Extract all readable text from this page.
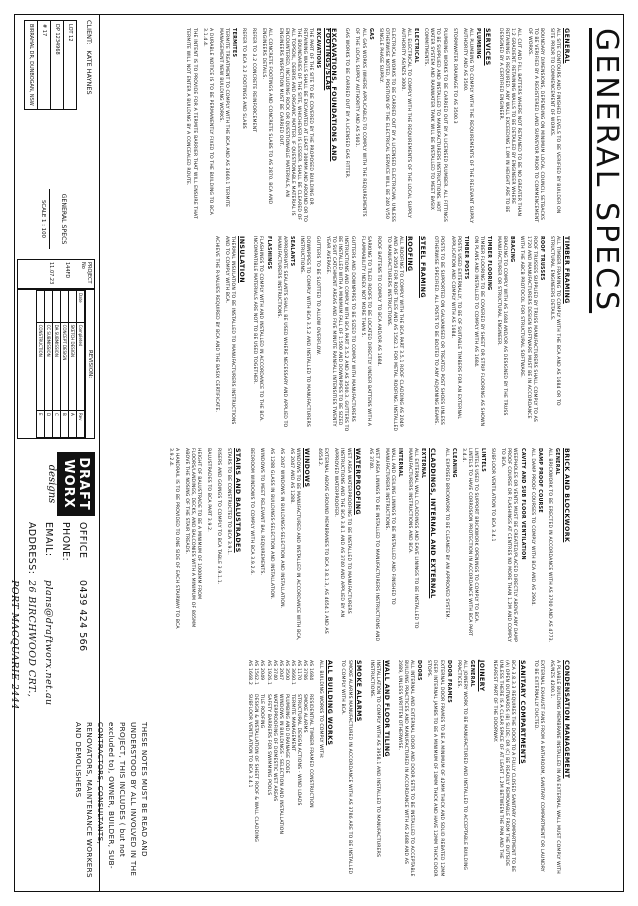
GENERAL SPECS
GENERAL

ALL SITE CONTOURS AND FINISHED LEVELS TO BE VERIFIED BY BUILDER ON SITE PRIOR TO COMMENCEMENT OF WORKS.

BOUNDARY DIMENSIONS, DEPENDING ON MINIMUM LOCAL COUNCIL SETBACKS TO BE VERIFIED BY A REGISTERED LAND SURVEYOR PRIOR TO COMMENCEMENT OF WORKS.

ALL CUT AND FILL BATTERS WHERE NOT RETAINED TO BE NO GREATER THAN 1:2 GRADIENT. RETAINING WALLS TO BE DETAILED BY ENGINEER WHERE RETAINING IS REQUIRED. ANY WALL EXCEEDING 1.0M IN HEIGHT ARE TO BE DESIGNED BY A CERTIFIED ENGINEER.

SERVICES
PLUMBING

ALL PLUMBING TO COMPLY WITH THE REQUIREMENTS OF THE RELEVANT SUPPLY AUTHORITY AND AS 3500.

STORMWATER DRAINAGE TO AS 3500.3

PLUMBING WORKS TO BE CARRIED OUT BY A LICENSED PLUMBER. ALL FITTINGS TO BE SUPPLIED AND INSTALLED TO MANUFACTURERS INSTRUCTIONS. HOT WATER SYSTEM AND RAINWATER TANK WILL BE INSTALLED TO MEET BASIX COMMITMENTS.

ELECTRICAL

ALL ELECTRICAL TO COMPLY WITH THE REQUIREMENTS OF THE LOCAL SUPPLY AUTHORITY AS/NZS 3000.

ELECTRICAL WORKS TO BE CARRIED OUT BY A LICENSED ELECTRICIAN. UNLESS OTHERWISE NOTED, POSITION OF THE ELECTRICAL SERVICE WILL BE 240 V/50 SINGLE PHASE SUPPLY.

GAS

ALL GAS WORKS (WHERE APPLICABLE) TO COMPLY WITH THE REQUIREMENTS OF THE LOCAL SUPPLY AUTHORITY AND AS 5601.

GAS WORKS TO BE CARRIED OUT BY A LICENSED GAS FITTER.

EXCAVATIONS, FOUNDATIONS AND FOOTINGS/SLAB
EXCAVATIONS

THE PART OF THE SITE TO BE COVERED BY THE PROPOSED BUILDING OR RETAINING WALLS SHALL BE EXCAVATED AT LEAST 300MM AND AROUND OR TO THE BOUNDARIES OF THE SITE, WHICHEVER IS LESSER. SHALL BE CLEARED OF ALL TOPSOIL, DEBRIS AND ORGANIC MATTER. IF QUESTIONABLE MATERIAL IS ENCOUNTERED, INCLUDING ROCK OR QUESTIONABLE MATERIALS, AN ENGINEERS INSPECTION MUST BE CARRIED OUT.

ALL CONCRETE FOOTINGS AND CONCRETE SLABS TO AS 2870. BCA AND ENGINEERS DETAILS.

REFER TO 3.2 CONCRETE REINFORCEMENT

REFER TO BCA 3.2 FOOTINGS AND SLABS

TERMITES

TERMITE TREATMENT TO COMPLY WITH THE BCA AND AS 3660.1 TERMITE MANAGEMENT NEW BUILDING WORKS.

A DURABLE NOTICE IS TO BE PERMANENTLY FIXED TO THE BUILDING TO BCA 3.1.4.4.

THE INTENT IS TO PROVIDE FOR A TERMITE BARRIER THAT WILL ENSURE THAT TERMITE WILL NOT ENTER A BUILDING BY A CONCEALED ROUTE.

TIMBER FRAMING

ALL TIMBER FRAMING TO COMPLY WITH THE BCA AND AS 1684 OR TO STRUCTURAL ENGINEERS DETAILS.

ROOF TRUSSES

ROOF TRUSSES SUPPLIED BY TRUSS MANUFACTURERS SHALL COMPLY TO AS 1720 AND MANUFACTURERS DESIGN SOFTWARE MUST BE IN ACCORDANCE WITH THE ABCB PROTOCOL FOR STRUCTURAL SOFTWARE.

BRACING

BRACING TO COMPLY WITH AS 1684 AND/OR AS DESIGNED BY THE TRUSS MANUFACTURER OR STRUCTURAL ENGINEER.

TIMBER FLOORING

TIMBER FLOORING TO BE COVERED BY SHEET OR STRIP FLOORING AS SHOWN ON PLANS AND INSTALLED TO COMPLY WITH AS 1684.

TIMBER POSTS

POSTS USED EXTERNALLY, TO BE OF SUITABLE TIMBERS FOR AN EXTERNAL APPLICATION AND COMPLY WITH AS 1684.

POSTS TO BE SUPPORTED ON GALVANISED OR TREATED POST SHOES UNLESS OTHERWISE SPECIFIED. ALL POSTS TO BE BOLTED TO ANY ADJOINING BEAMS.

STEEL FRAMING
ROOFING

ALL ROOFING TO COMPLY WITH THE BCA PART 3.5.1 ROOF CLADDING AS 2049 AND AS 2050 FOR ROOF TILES AND AS 1562.1 FOR METAL ROOFING. INSTALLED TO MANUFACTURERS INSTRUCTIONS.

ROOF BATTENS TO COMPLY TO BCA AND/OR AS 1684.

SARKING TO TILED ROOFS TO BE LOCATED DIRECTLY UNDER BATTENS WITH A FLAMMABILITY INDEX NOT MORE THAN 5.

GUTTERS AND DOWNPIPES TO BE SIZED TO COMPLY WITH MANUFACTURERS INSTRUCTIONS AND COMPLY WITH BCA PART 3.5.2 AND AS 3500.3. GUTTERS TO BE INSTALLED WITH A MINIMUM FALL OF 1:500 AND DOWNPIPES TO BE SIZED TO SUIT CATCHMENT AREAS AND FIVE MINUTE RAINFALL INTENSITIES TWENTY YEAR AVERAGE.

GUTTERS TO BE SLOTTED TO ALLOW OVERFLOW.

DOWNPIPES TO COMPLY WITH BCA 3.5.2 AND INSTALLED TO MANUFACTURERS INSTRUCTIONS.

SEALANTS

APPROPRIATE SEALANTS SHALL BE USED WHERE NECESSARY AND APPLIED TO MANUFACTURERS INSTRUCTIONS.

FLASHINGS

FLASHINGS TO COMPLY WITH AND INSTALLED IN ACCORDANCE TO THE BCA. INCOMPATIBLE MATERIALS ARE NOT TO BE USED TOGETHER.

INSULATION

THERMAL INSULATION TO BE INSTALLED TO MANUFACTURERS INSTRUCTIONS AND TO COMPLY WITH BCA.

ACHIEVE THE R-VALUES REQUIRED BY BCA AND THE BASIX CERTIFICATE.

BRICK AND BLOCKWORK
GENERAL

ALL BRICKWORK TO BE ERECTED IN ACCORDANCE WITH AS 3700 AND AS 4773.

DAMP PROOF COURSE

ALL DAMP PROOF COURSES TO COMPLY WITH BCA AND AS 2904.

CAVITY AND SUB FLOOR VENTILATION

WEEPHOLES OR VENTS MUST BE CREATED/PLACED DIRECTLY ABOVE ANY DAMP PROOF COURSE OR FLASHINGS AT CENTRES NO MORE THAN 1.2M AND COMPLY TO BCA.

SUBFLOOR VENTILATION TO BCA 3.4.1

LINTELS

LINTELS USED TO SUPPORT BRICKWORK OPENINGS TO COMPLY TO BCA. LINTELS TO HAVE CORROSION PROTECTION IN ACCORDANCE WITH BCA PART 3.4.4.

CLEANING

ALL EXPOSED BRICKWORK TO BE CLEANED BY AN APPROVED SYSTEM.

CLADDINGS, INTERNAL AND EXTERNAL
EXTERNAL

ALL EXTERNAL WALL CLADDINGS AND EAVE LININGS TO BE INSTALLED TO MANUFACTURERS INSTRUCTIONS AND BCA.

INTERNAL

WALL AND CEILING LININGS TO BE INSTALLED AND FINISHED TO MANUFACTURERS INSTRUCTIONS.

WET AREA LININGS TO BE INSTALLED TO MANUFACTURERS INSTRUCTIONS AND AS 3740.

WATERPROOFING

WET AREA WATERPROOFING TO BE INSTALLED TO MANUFACTURERS INSTRUCTIONS AND THE BCA 3.8.1 AND AS 3740 AND APPLIED BY AN APPROVED WATERPROOFER.

EXTERNAL ABOVE GROUND MEMBRANES TO BCA 3.8.1.3, AS 4654.1 AND AS 4654.2.

WINDOWS

WINDOWS TO BE MANUFACTURED AND INSTALLED IN ACCORDANCE WITH BCA, AS 2047 AND AS 1288.

AS 2047 WINDOWS IN BUILDINGS-SELECTION AND INSTALLATION.

AS 1288 GLASS IN BUILDINGS-SELECTION AND INSTALLATION.

WINDOWS TO MEET RELEVANT BAL REQUIREMENTS.

BEDROOM WINDOWS TO COMPLY WITH BCA 3.9.2.6.

STAIRS AND BALUSTRADES

STAIRS TO BE CONSTRUCTED TO BCA 3.9.1.

RISERS AND GOINGS TO COMPLY TO BCA TABLE 3.9.1.1.

BALUSTRADES TO BCA PART 3.9.2.

HEIGHT OF BALUSTRADE TO BE A MINIMUM OF 1000MM FROM FLOORS/LANDINGS, DECKS, AND BALCONIES WITH A MINIMUM OF 865MM ABOVE THE NOSING OF THE STAIR TREADS.

A HANDRAIL IS TO BE PROVIDED TO ONE SIDE OF EACH STAIRWAY TO BCA 3.9.2.4.

CONDENSATION MANAGEMENT

A PLIABLE BUILDING MEMBRANE INSTALLED IN AN EXTERNAL WALL MUST COMPLY WITH AS/NZS 4200.1.

EXTERNAL EXHAUST FANS FROM A BATHROOM, SANITARY COMPARTMENT OR LAUNDRY TO BE EXTERNALLY DUCTED.

SANITARY COMPARTMENTS

BCA 3.8.3.3 REQUIRES THE DOOR TO A FULLY CLOSED SANITARY COMPARTMENT TO BE (A) OPEN OUTWARDS (B) SLIDE; OR (C) BE READILY REMOVABLE FROM THE OUTSIDE UNLESS THERE IS A CLEAR SPACE OF AT LEAST 1.2M BETWEEN THE PAN AND THE NEAREST PART OF THE DOORWAY.

JOINERY
GENERAL

ALL JOINERY WORK TO BE MANUFACTURED AND INSTALLED TO ACCEPTABLE BUILDING PRACTICES.

DOOR FRAMES

EXTERNAL DOOR FRAMES TO BE A MINIMUM OF 42MM THICK AND SOLID REBATED 12MM DEEP. INTERNAL JAMBS TO BE A MINIMUM OF 18MM THICK AND HAVE 12MM THICK DOOR STOPS.

DOORS

ALL INTERNAL AND EXTERNAL DOOR AND DOOR SETS TO BE INSTALLED TO ACCEPTABLE BUILDING PRACTICES AND MANUFACTURED IN ACCORDANCE WITH AS 2688 AND AS 2689, UNLESS WRITTEN OTHERWISE.

WALL AND FLOOR TILING

INSTALLATION TO COMPLY WITH AS 3958.1 AND INSTALLED TO MANUFACTURERS INSTRUCTIONS.

SMOKE ALARMS

SMOKE ALARMS MANUFACTURED IN ACCORDANCE WITH AS 3786 ARE TO BE INSTALLED TO COMPLY WITH BCA.

ALL BUILDING WORKS

ALL BUILDING WORKS TO COMPLY WITH:

AS 1684
RESIDENTIAL TIMBER FRAMED CONSTRUCTION
AS 3786
SMOKE ALARMS
AS 1170
STRUCTURAL DESIGN ACTIONS - WIND LOADS
AS 3660.1
TERMITE MANAGEMENT
AS 3500
PLUMBING AND DRAINAGE CODE
AS 2047
WINDOWS IN BUILDINGS - SELECTION AND INSTALLATION
AS 3740
WATERPROOFING OF DOMESTIC WET AREAS
AS 1926.1
SAFETY BARRIERS FOR SWIMMING POOLS
AS 2049
TILE ROOFING
AS 1562.1
DESIGN & INSTALLATION OF SHEET ROOF & WALL CLADDING
AS 1668.2
SUBFLOOR VENTILATION TO BCA 3.4.1
THESE NOTES MUST BE READ AND UNDERSTOOD BY ALL INVOLVED IN THE PROJECT, THIS INCLUDES ( but not excluded to), OWNER, BUILDER, SUB-CONTRACTORS, CONSULTANTS, RENOVATORS, MAINTENANCE WORKERS AND DEMOLISHERS
CLIENT:
KATE HAYNES
LOT 12
DP 1234968
# 17
BIRRAHAL DR, DUNBOGAN, NSW
GENERAL SPECS
SCALE 1 : 100
PROJECT No
144FD
11.07.23
REVISION:
Date	Completed	Rev
	SKETCH DESIGN	A
	CONCEPT DESIGN	B
	DA SUBMISSION	C
	CC SUBMISSION	D
	CONSTRUCTION	E
DRAFT
WORX
designs
OFFICE PHONE:
0439 424 566
EMAIL:
plans@draftworx.net.au
ADDRESS:
26 BIRCHWOOD CRT.,
PORT MACQUARIE 2444
